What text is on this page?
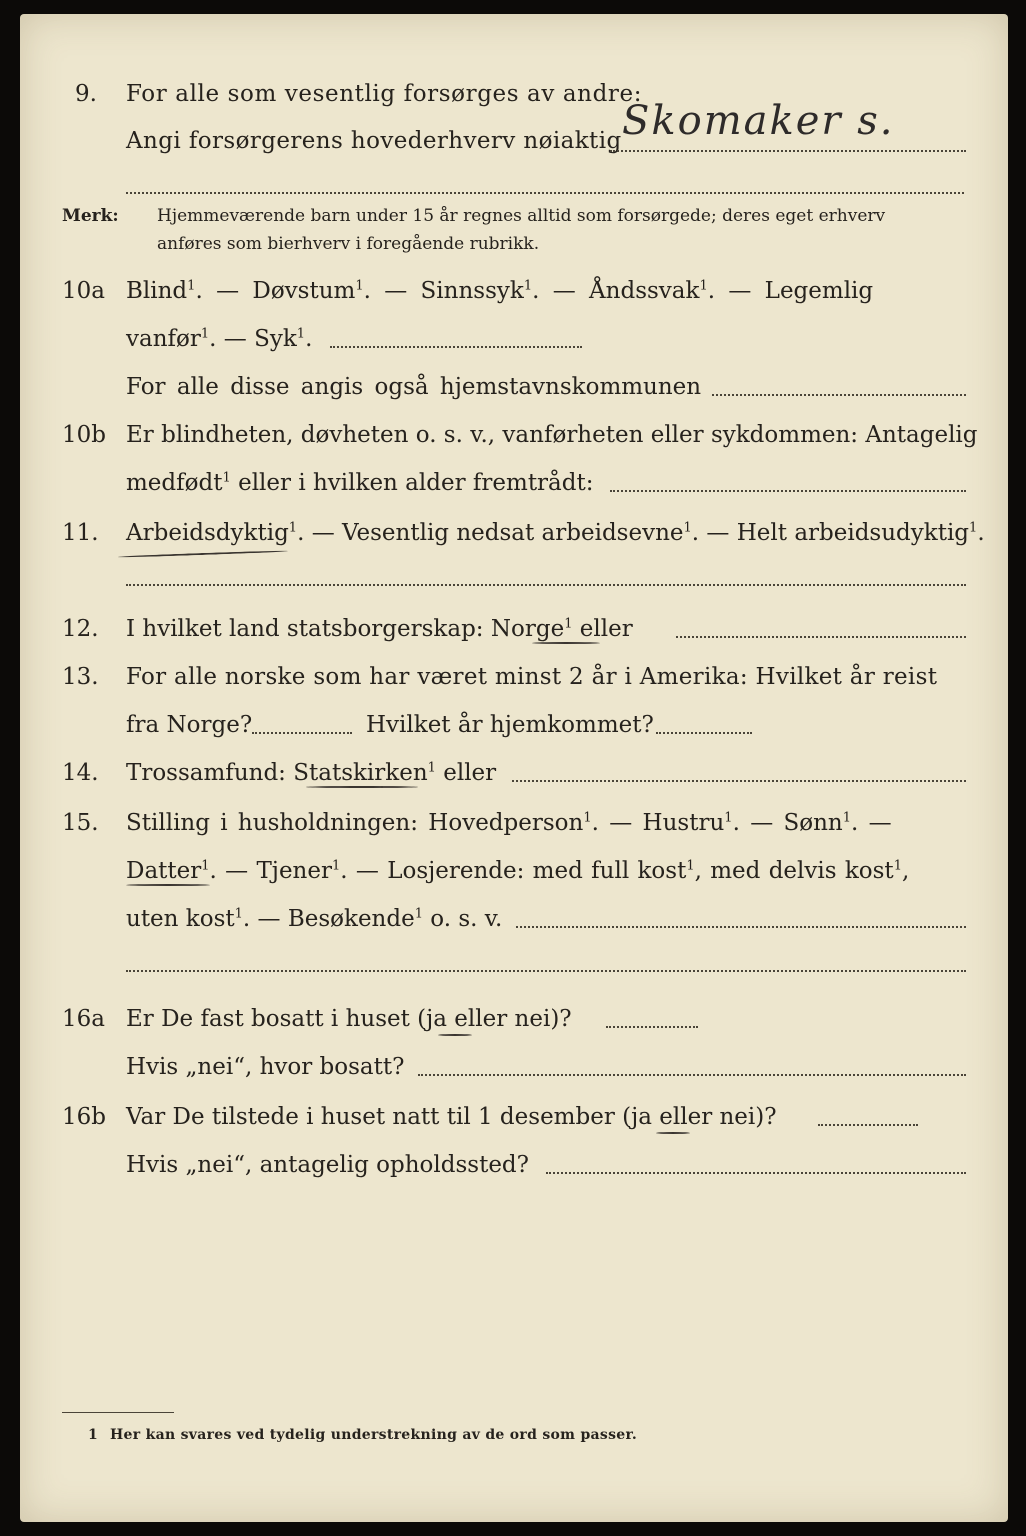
9. For alle som vesentlig forsørges av andre:
Angi forsørgerens hovederhverv nøiaktig Skomaker s.
Merk: Hjemmeværende barn under 15 år regnes alltid som forsørgede; deres eget erhverv
anføres som bierhverv i foregående rubrikk.
10a Blind$^1$. — Døvstum$^1$. — Sinnssyk$^1$. — Åndssvak$^1$. — Legemlig
vanfør$^1$. — Syk$^1$.
For alle disse angis også hjemstavnskommunen
10b Er blindheten, døvheten o. s. v., vanførheten eller sykdommen: Antagelig
medfødt$^1$ eller i hvilken alder fremtrådt:
11. Arbeidsdyktig$^1$. — Vesentlig nedsat arbeidsevne$^1$. — Helt arbeidsudyktig$^1$.
12. I hvilket land statsborgerskap: Norge$^1$ eller
13. For alle norske som har været minst 2 år i Amerika: Hvilket år reist
fra Norge?	Hvilket år hjemkommet?
14. Trossamfund: Statskirken$^1$ eller
15. Stilling i husholdningen: Hovedperson$^1$. — Hustru$^1$. — Sønn$^1$. —
Datter$^1$. — Tjener$^1$. — Losjerende: med full kost$^1$, med delvis kost$^1$,
uten kost$^1$. — Besøkende$^1$ o. s. v.
16a Er De fast bosatt i huset (ja eller nei)?
Hvis „nei“, hvor bosatt?
16b Var De tilstede i huset natt til 1 desember (ja eller nei)?
Hvis „nei“, antagelig opholdssted?
1 Her kan svares ved tydelig understrekning av de ord som passer.
